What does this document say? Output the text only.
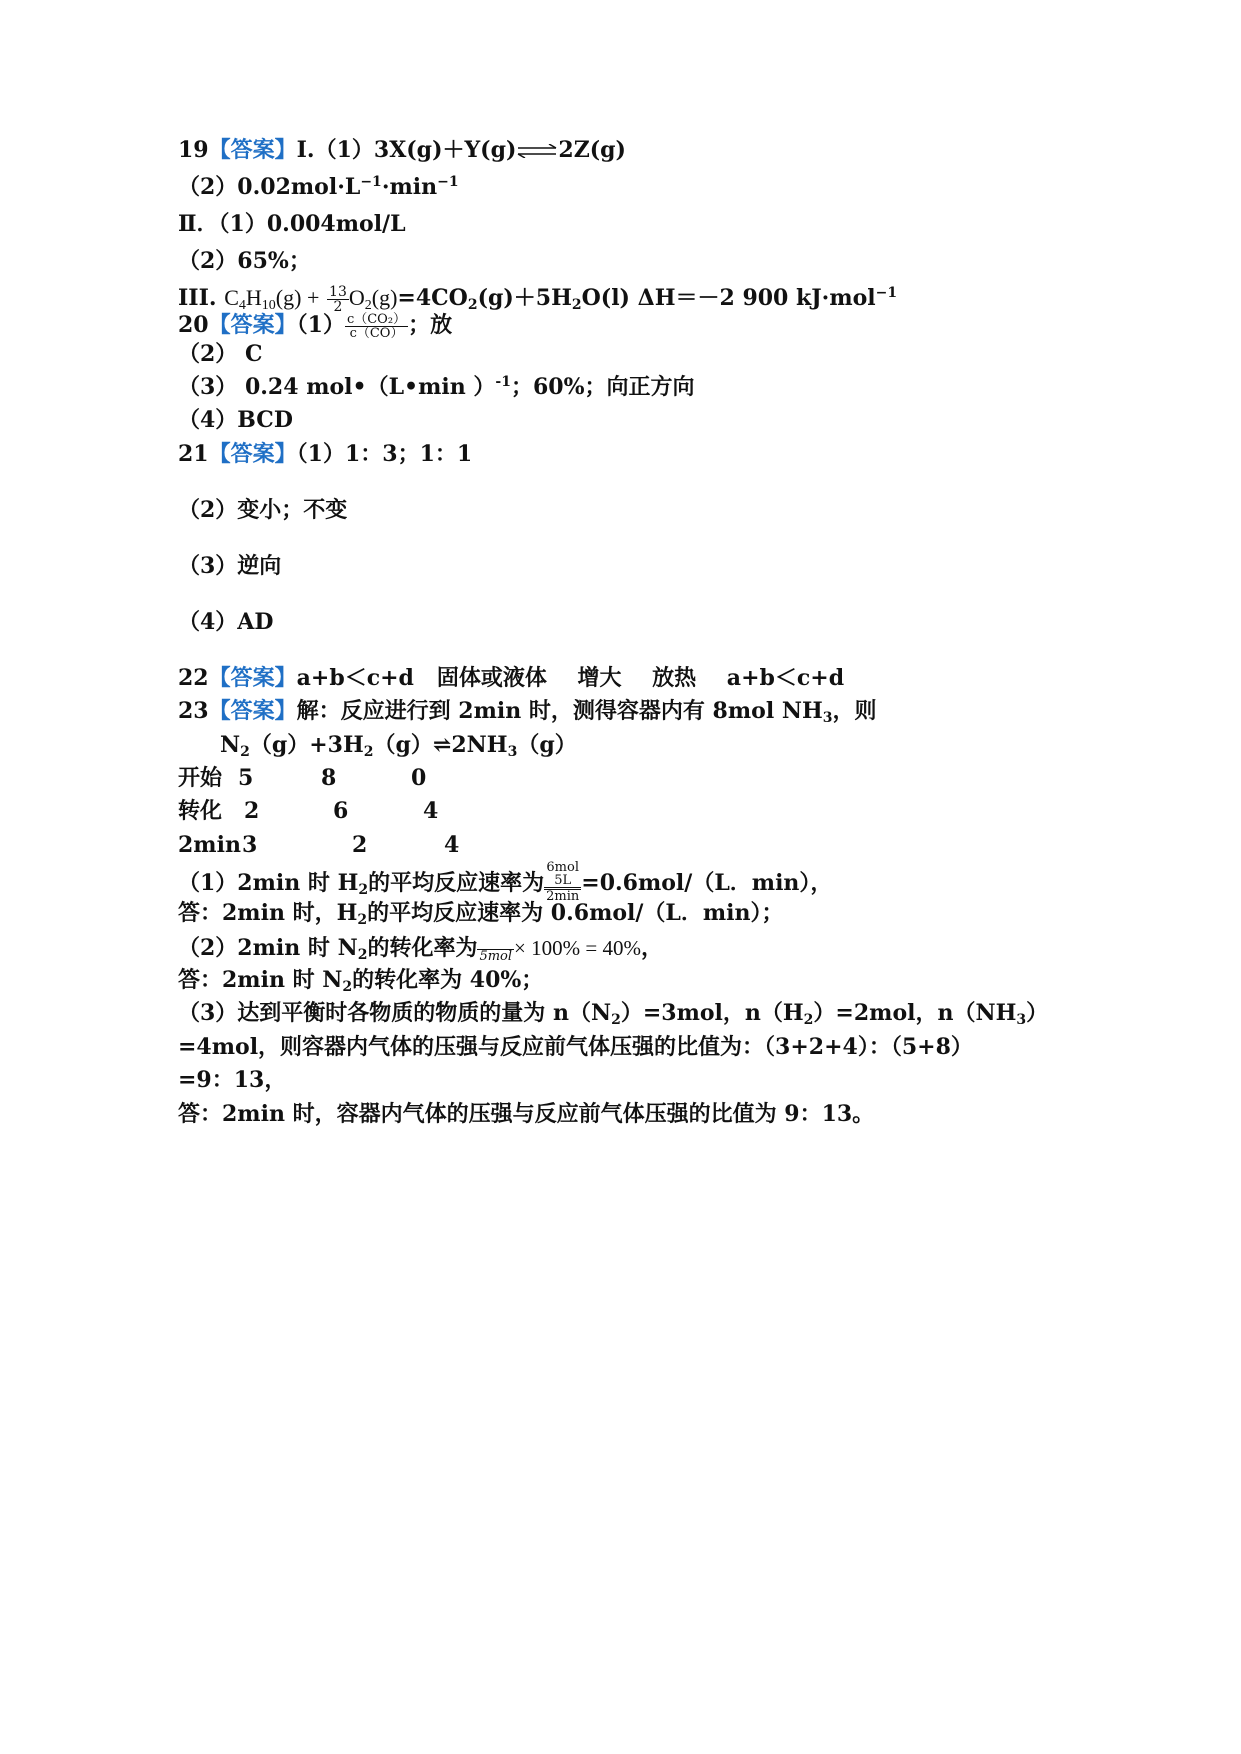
19【答案】Ⅰ.（1）3X(g)＋Y(g)⇌2Z(g)
$(2)0.02mol\cdot L^{-1}\cdot\min^{-1}$
Ⅱ．（1）0.004mol/L
（2）65%；
III. $C_4H_{10}(g) + \frac{13}{2} O_2(g)=4CO_2(g)+5H_2O(l)$ ΔH＝－2 900 kJ·mol$^{-1}$
20【答案】$(1) \frac{\text{c（CO₂）}}{c(CO)}$ ；放
（2） C
（3） 0.24 mol•（L•min ）$^{-1}$；60%；向正方向
（4）BCD
21【答案】（1）1：3；1：1
（2）变小；不变
（3）逆向
（4）AD
22【答案】a+b＜c+d   固体或液体    增大    放热    a+b＜c+d
23【答案】解：反应进行到 2min 时，测得容器内有 8mol $NH_3$，则
$N_2(g)+3H_2(g)\rightleftharpoons 2NH_3(g)$
开始 5	8	0
转化 2	6	4
2min 3	2	4
（1）2min 时 $H_2$的平均反应速率为
6mol
5L
2min
=0.6mol/（L．min），
答：2min 时，$H_2$的平均反应速率为 0.6mol/（L．min）；
（2）2min 时 $N_2$的转化率为 $\frac{\text{2mol}}{\text{5mol}} \times 100\% = 40\%$，
答：2min 时 $N_2$的转化率为 40%；
（3）达到平衡时各物质的物质的量为 $n(N_2)=3mol$，$n(H_2)=2mol$，$n(NH_3)$
=4mol，则容器内气体的压强与反应前气体压强的比值为：（3+2+4）：（5+8）
=9：13，
答：2min 时，容器内气体的压强与反应前气体压强的比值为 9：13。
